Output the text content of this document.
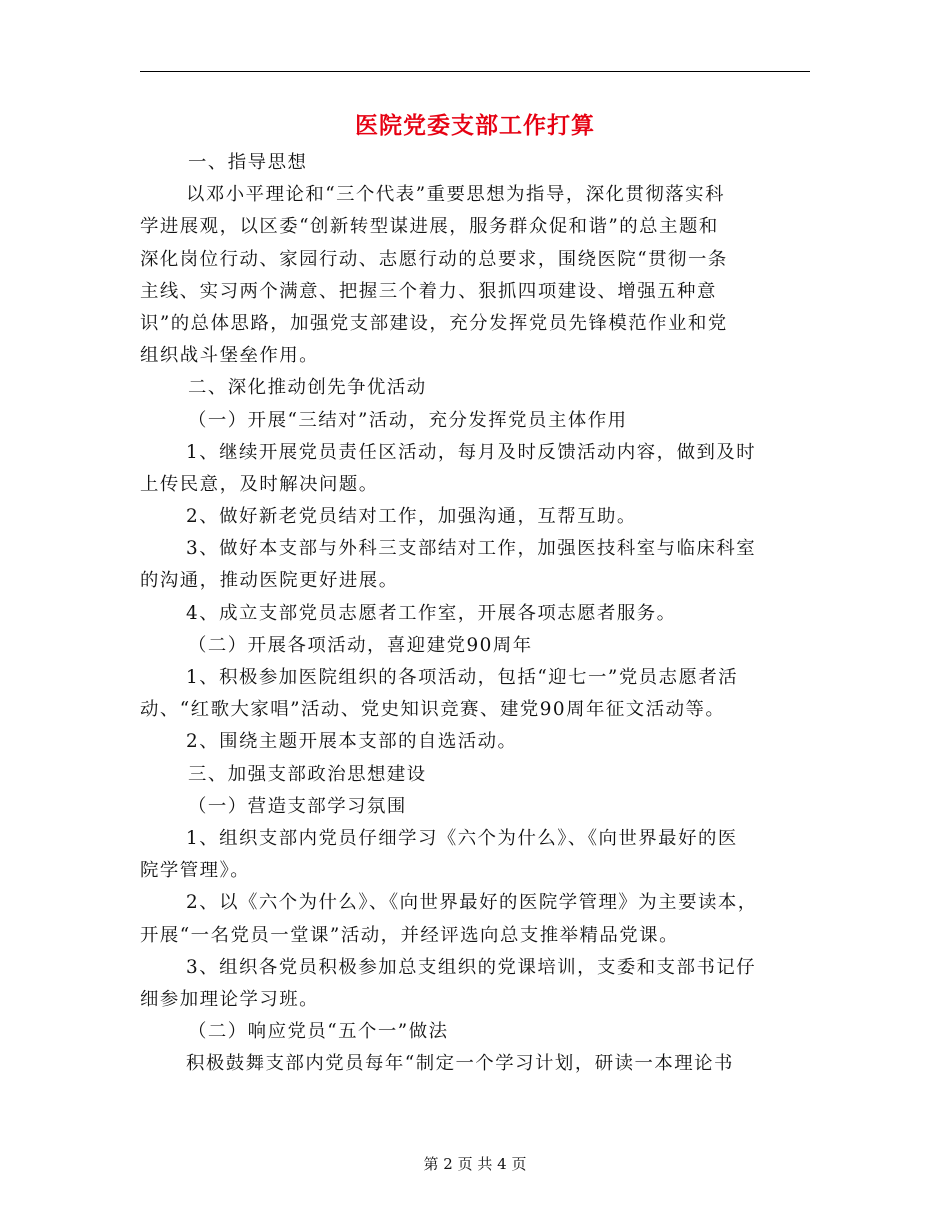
医院党委支部工作打算
一、指导思想
以邓小平理论和“三个代表”重要思想为指导，深化贯彻落实科
学进展观，以区委“创新转型谋进展，服务群众促和谐”的总主题和
深化岗位行动、家园行动、志愿行动的总要求，围绕医院“贯彻一条
主线、实习两个满意、把握三个着力、狠抓四项建设、增强五种意
识”的总体思路，加强党支部建设，充分发挥党员先锋模范作业和党
组织战斗堡垒作用。
二、深化推动创先争优活动
（一）开展“三结对”活动，充分发挥党员主体作用
1、继续开展党员责任区活动，每月及时反馈活动内容，做到及时
上传民意，及时解决问题。
2、做好新老党员结对工作，加强沟通，互帮互助。
3、做好本支部与外科三支部结对工作，加强医技科室与临床科室
的沟通，推动医院更好进展。
4、成立支部党员志愿者工作室，开展各项志愿者服务。
（二）开展各项活动，喜迎建党90周年
1、积极参加医院组织的各项活动，包括“迎七一”党员志愿者活
动、“红歌大家唱”活动、党史知识竞赛、建党90周年征文活动等。
2、围绕主题开展本支部的自选活动。
三、加强支部政治思想建设
（一）营造支部学习氛围
1、组织支部内党员仔细学习《六个为什么》、《向世界最好的医
院学管理》。
2、以《六个为什么》、《向世界最好的医院学管理》为主要读本，
开展“一名党员一堂课”活动，并经评选向总支推举精品党课。
3、组织各党员积极参加总支组织的党课培训，支委和支部书记仔
细参加理论学习班。
（二）响应党员“五个一”做法
积极鼓舞支部内党员每年“制定一个学习计划，研读一本理论书
第 2 页 共 4 页
